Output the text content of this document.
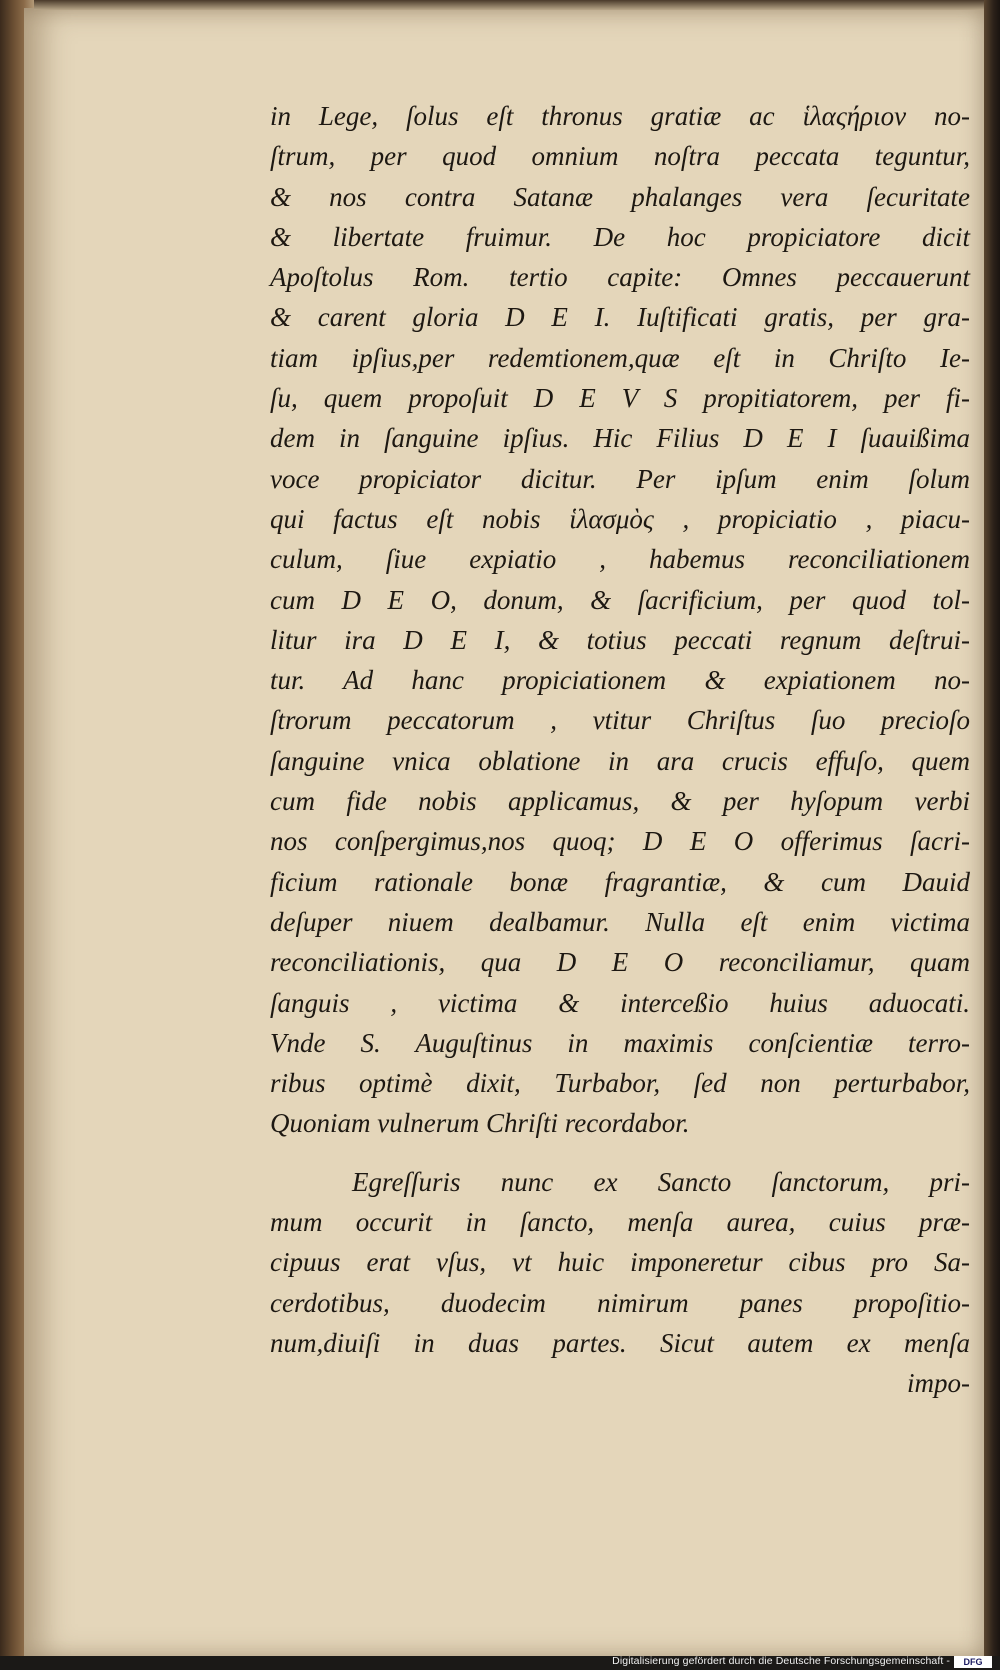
in Lege, ſolus eſt thronus gratiæ ac ἱλαςήριον no-
ſtrum, per quod omnium noſtra peccata teguntur,
& nos contra Satanæ phalanges vera ſecuritate
& libertate fruimur. De hoc propiciatore dicit
Apoſtolus Rom. tertio capite: Omnes peccauerunt
& carent gloria D E I. Iuſtificati gratis, per gra-
tiam ipſius,per redemtionem,quæ eſt in Chriſto Ie-
ſu, quem propoſuit D E V S propitiatorem, per fi-
dem in ſanguine ipſius. Hic Filius D E I ſuauißima
voce propiciator dicitur. Per ipſum enim ſolum
qui factus eſt nobis ἱλασμὸς , propiciatio , piacu-
culum, ſiue expiatio , habemus reconciliationem
cum D E O, donum, & ſacrificium, per quod tol-
litur ira D E I, & totius peccati regnum deſtrui-
tur. Ad hanc propiciationem & expiationem no-
ſtrorum peccatorum , vtitur Chriſtus ſuo precioſo
ſanguine vnica oblatione in ara crucis effuſo, quem
cum fide nobis applicamus, & per hyſopum verbi
nos conſpergimus,nos quoq; D E O offerimus ſacri-
ficium rationale bonæ fragrantiæ, & cum Dauid
deſuper niuem dealbamur. Nulla eſt enim victima
reconciliationis, qua D E O reconciliamur, quam
ſanguis , victima & interceßio huius aduocati.
Vnde S. Auguſtinus in maximis conſcientiæ terro-
ribus optimè dixit, Turbabor, ſed non perturbabor,
Quoniam vulnerum Chriſti recordabor.
Egreſſuris nunc ex Sancto ſanctorum, pri-
mum occurit in ſancto, menſa aurea, cuius præ-
cipuus erat vſus, vt huic imponeretur cibus pro Sa-
cerdotibus, duodecim nimirum panes propoſitio-
num,diuiſi in duas partes. Sicut autem ex menſa
impo-
Digitalisierung gefördert durch die Deutsche Forschungsgemeinschaft -	DFG
